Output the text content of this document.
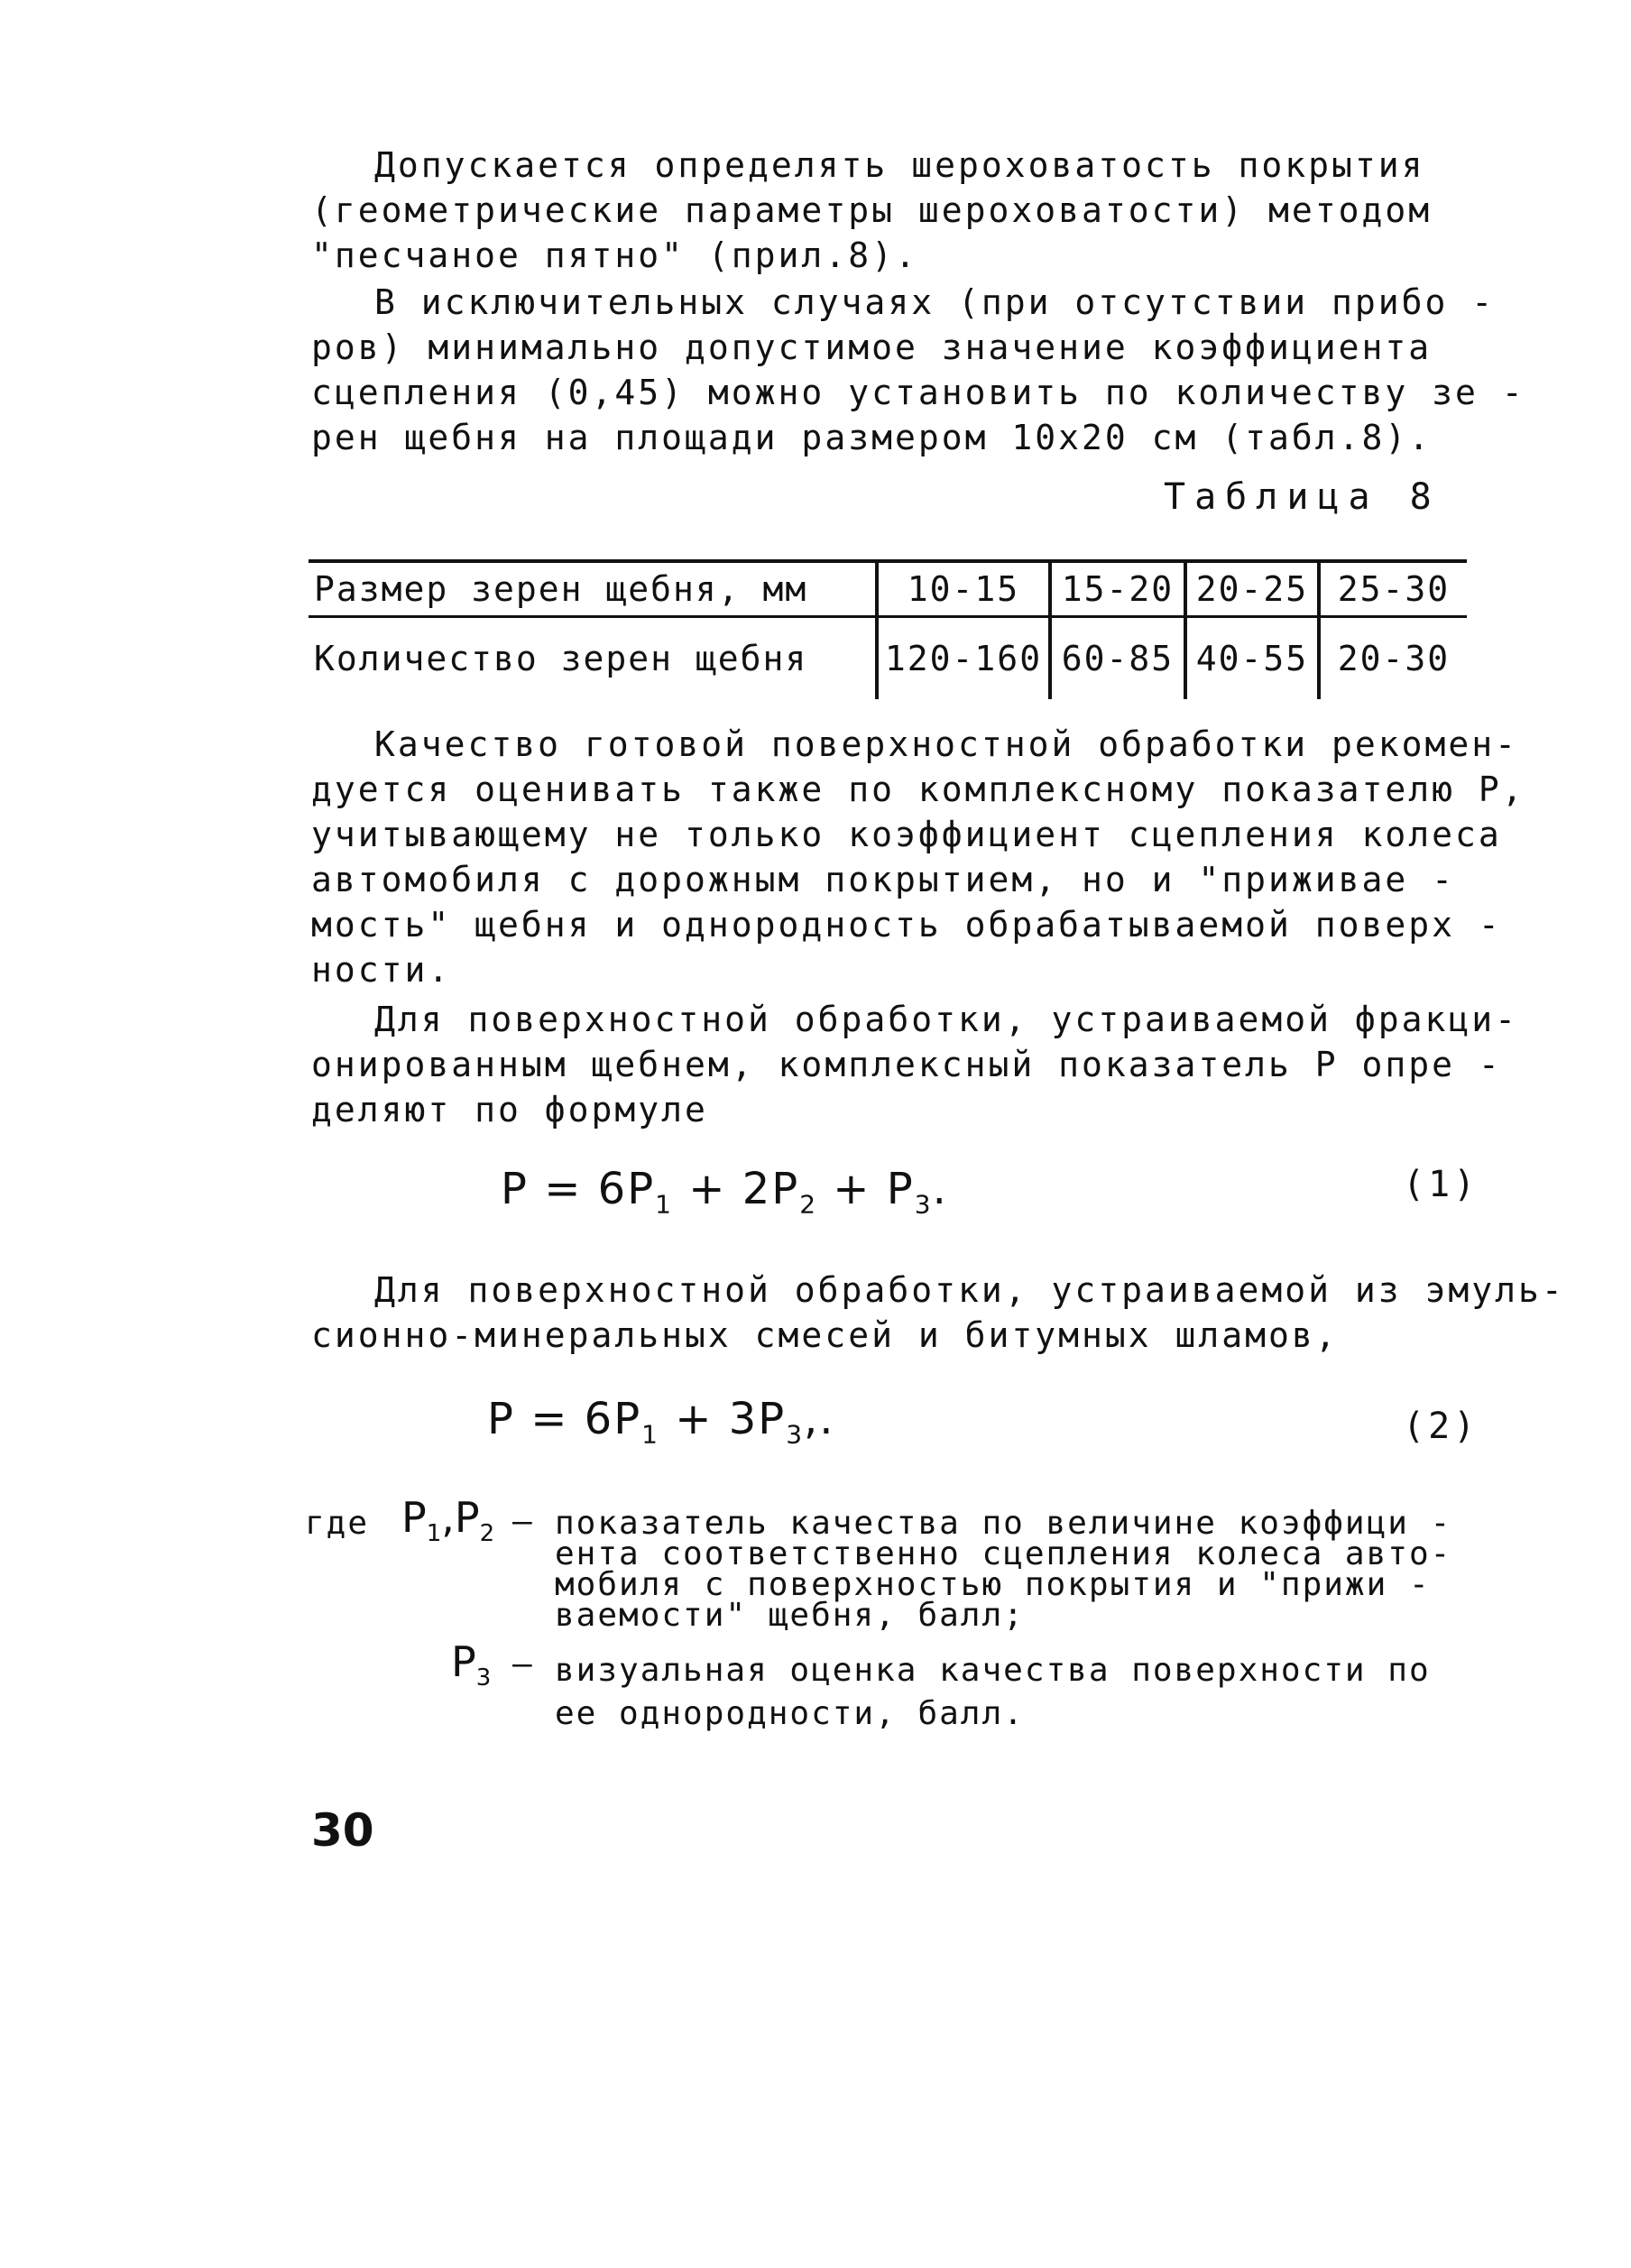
Допускается определять шероховатость покрытия
(геометрические параметры шероховатости) методом
"песчаное пятно" (прил.8).
В исключительных случаях (при отсутствии прибо -
ров) минимально допустимое значение коэффициента
сцепления (0,45) можно установить по количеству зе -
рен щебня на площади размером 10x20 см (табл.8).
Таблица 8
Размер зерен щебня, мм	10-15	15-20	20-25	25-30
Количество зерен щебня	120-160	60-85	40-55	20-30
Качество готовой поверхностной обработки рекомен-
дуется оценивать также по комплексному показателю P,
учитывающему не только коэффициент сцепления колеса
автомобиля с дорожным покрытием, но и "приживае -
мость" щебня и однородность обрабатываемой поверх -
ности.
Для поверхностной обработки, устраиваемой фракци-
онированным щебнем, комплексный показатель P опре -
деляют по формуле
$P = 6P_1 + 2P_2 + P_3$.	(1)
Для поверхностной обработки, устраиваемой из эмуль-
сионно-минеральных смесей и битумных шламов,
$P = 6P_1 + 3P_3$,.	(2)
где $P_1,P_2$ – показатель качества по величине коэффици -
ента соответственно сцепления колеса авто-
мобиля с поверхностью покрытия и "прижи -
ваемости" щебня, балл;
$P_3$ – визуальная оценка качества поверхности по
ее однородности, балл.
30
